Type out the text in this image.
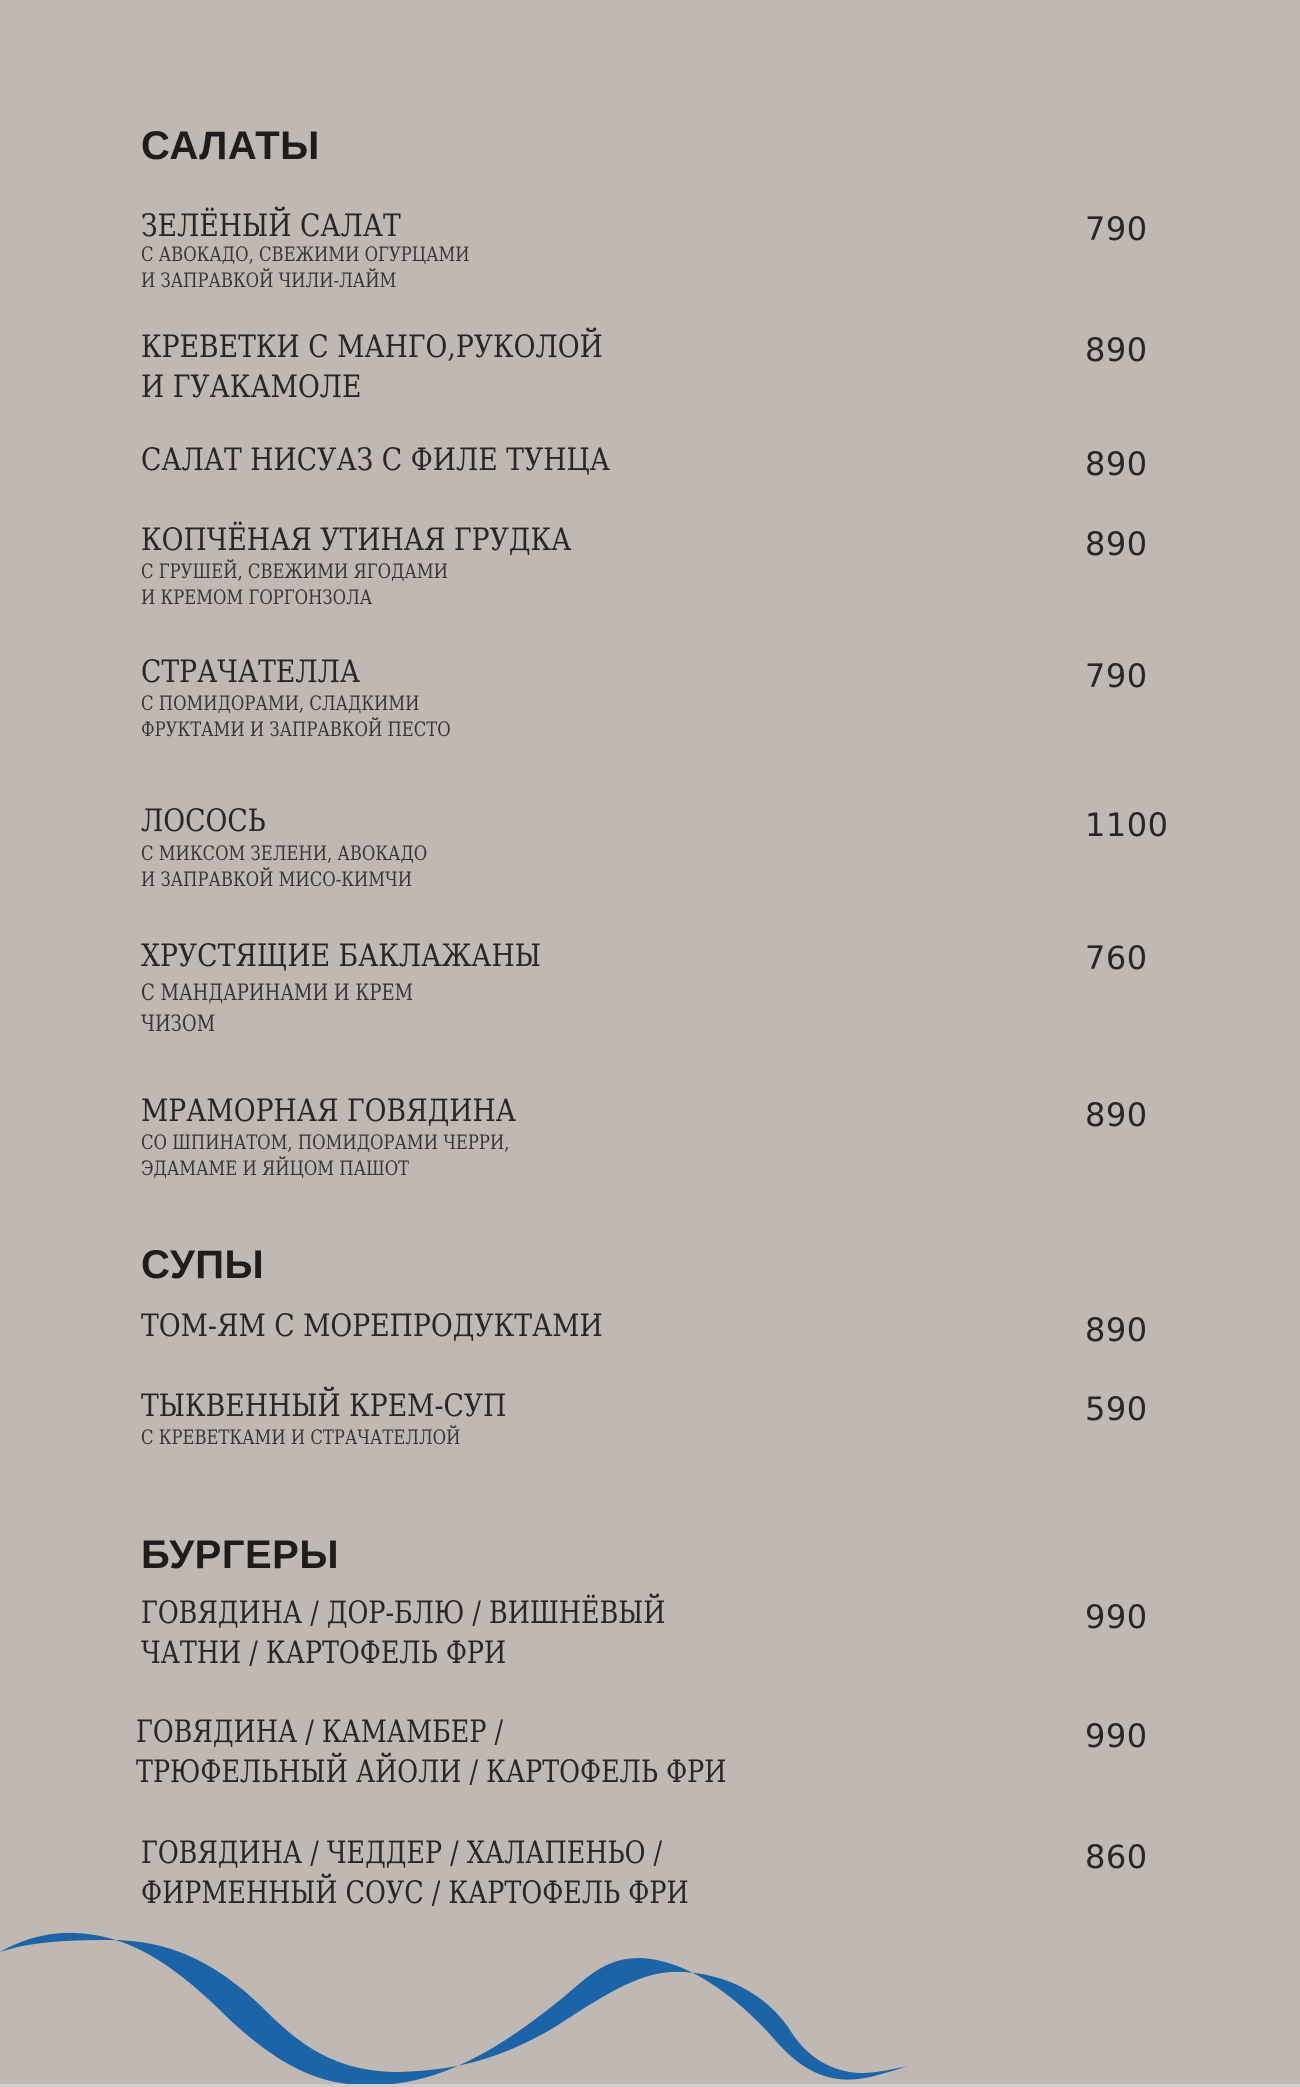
САЛАТЫ
ЗЕЛЁНЫЙ САЛАТ
С АВОКАДО, СВЕЖИМИ ОГУРЦАМИ
И ЗАПРАВКОЙ ЧИЛИ-ЛАЙМ
790
КРЕВЕТКИ С МАНГО,РУКОЛОЙ
И ГУАКАМОЛЕ
890
САЛАТ НИСУАЗ С ФИЛЕ ТУНЦА	890
КОПЧЁНАЯ УТИНАЯ ГРУДКА
С ГРУШЕЙ, СВЕЖИМИ ЯГОДАМИ
И КРЕМОМ ГОРГОНЗОЛА
890
СТРАЧАТЕЛЛА
С ПОМИДОРАМИ, СЛАДКИМИ
ФРУКТАМИ И ЗАПРАВКОЙ ПЕСТО
790
ЛОСОСЬ
С МИКСОМ ЗЕЛЕНИ, АВОКАДО
И ЗАПРАВКОЙ МИСО-КИМЧИ
1100
ХРУСТЯЩИЕ БАКЛАЖАНЫ
С МАНДАРИНАМИ И КРЕМ
ЧИЗОМ
760
МРАМОРНАЯ ГОВЯДИНА
СО ШПИНАТОМ, ПОМИДОРАМИ ЧЕРРИ,
ЭДАМАМЕ И ЯЙЦОМ ПАШОТ
890
СУПЫ
ТОМ-ЯМ С МОРЕПРОДУКТАМИ	890
ТЫКВЕННЫЙ КРЕМ-СУП
С КРЕВЕТКАМИ И СТРАЧАТЕЛЛОЙ
590
БУРГЕРЫ
ГОВЯДИНА / ДОР-БЛЮ / ВИШНЁВЫЙ
ЧАТНИ / КАРТОФЕЛЬ ФРИ
990
ГОВЯДИНА / КАМАМБЕР /
ТРЮФЕЛЬНЫЙ АЙОЛИ / КАРТОФЕЛЬ ФРИ
990
ГОВЯДИНА / ЧЕДДЕР / ХАЛАПЕНЬО /
ФИРМЕННЫЙ СОУС / КАРТОФЕЛЬ ФРИ
860
